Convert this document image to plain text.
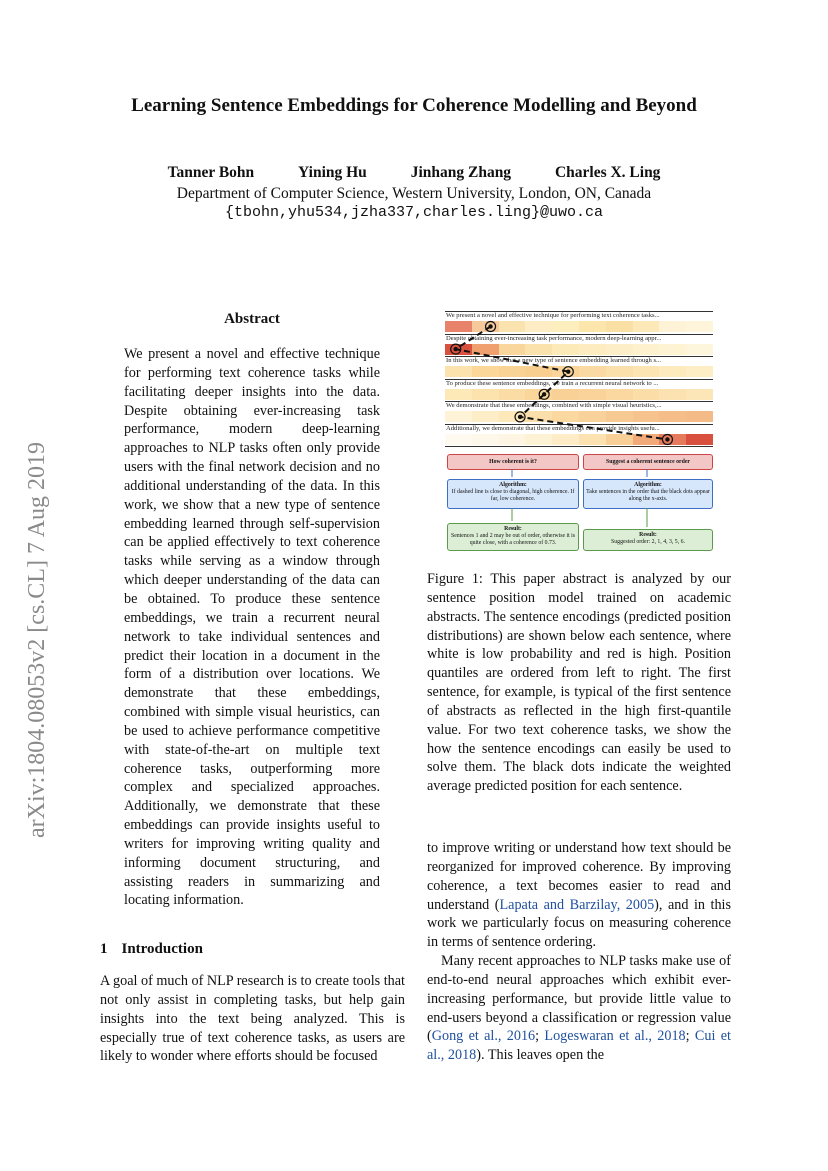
Learning Sentence Embeddings for Coherence Modelling and Beyond
Tanner Bohn	Yining Hu	Jinhang Zhang	Charles X. Ling
Department of Computer Science, Western University, London, ON, Canada
{tbohn,yhu534,jzha337,charles.ling}@uwo.ca
arXiv:1804.08053v2 [cs.CL] 7 Aug 2019
Abstract
We present a novel and effective technique for performing text coherence tasks while facilitating deeper insights into the data. Despite obtaining ever-increasing task performance, modern deep-learning approaches to NLP tasks often only provide users with the final network decision and no additional understanding of the data. In this work, we show that a new type of sentence embedding learned through self-supervision can be applied effectively to text coherence tasks while serving as a window through which deeper understanding of the data can be obtained. To produce these sentence embeddings, we train a recurrent neural network to take individual sentences and predict their location in a document in the form of a distribution over locations. We demonstrate that these embeddings, combined with simple visual heuristics, can be used to achieve performance competitive with state-of-the-art on multiple text coherence tasks, outperforming more complex and specialized approaches. Additionally, we demonstrate that these embeddings can provide insights useful to writers for improving writing quality and informing document structuring, and assisting readers in summarizing and locating information.
1 Introduction
A goal of much of NLP research is to create tools that not only assist in completing tasks, but help gain insights into the text being analyzed. This is especially true of text coherence tasks, as users are likely to wonder where efforts should be focused
We present a novel and effective technique for performing text coherence tasks...
Despite obtaining ever-increasing task performance, modern deep-learning appr...
In this work, we show that a new type of sentence embedding learned through s...
To produce these sentence embeddings, we train a recurrent neural network to ...
We demonstrate that these embeddings, combined with simple visual heuristics,...
Additionally, we demonstrate that these embeddings can provide insights usefu...
How coherent is it?	Suggest a coherent sentence order
Algorithm:
If dashed line is close to diagonal, high coherence. If far, low coherence.
Algorithm:
Take sentences in the order that the black dots appear along the x-axis.
Result:
Sentences 1 and 2 may be out of order, otherwise it is quite close, with a coherence of 0.73.
Result:
Suggested order: 2, 1, 4, 3, 5, 6.
Figure 1: This paper abstract is analyzed by our sentence position model trained on academic abstracts. The sentence encodings (predicted position distributions) are shown below each sentence, where white is low probability and red is high. Position quantiles are ordered from left to right. The first sentence, for example, is typical of the first sentence of abstracts as reflected in the high first-quantile value. For two text coherence tasks, we show the how the sentence encodings can easily be used to solve them. The black dots indicate the weighted average predicted position for each sentence.
to improve writing or understand how text should be reorganized for improved coherence. By improving coherence, a text becomes easier to read and understand (Lapata and Barzilay, 2005), and in this work we particularly focus on measuring coherence in terms of sentence ordering.
Many recent approaches to NLP tasks make use of end-to-end neural approaches which exhibit ever-increasing performance, but provide little value to end-users beyond a classification or regression value (Gong et al., 2016; Logeswaran et al., 2018; Cui et al., 2018). This leaves open the
